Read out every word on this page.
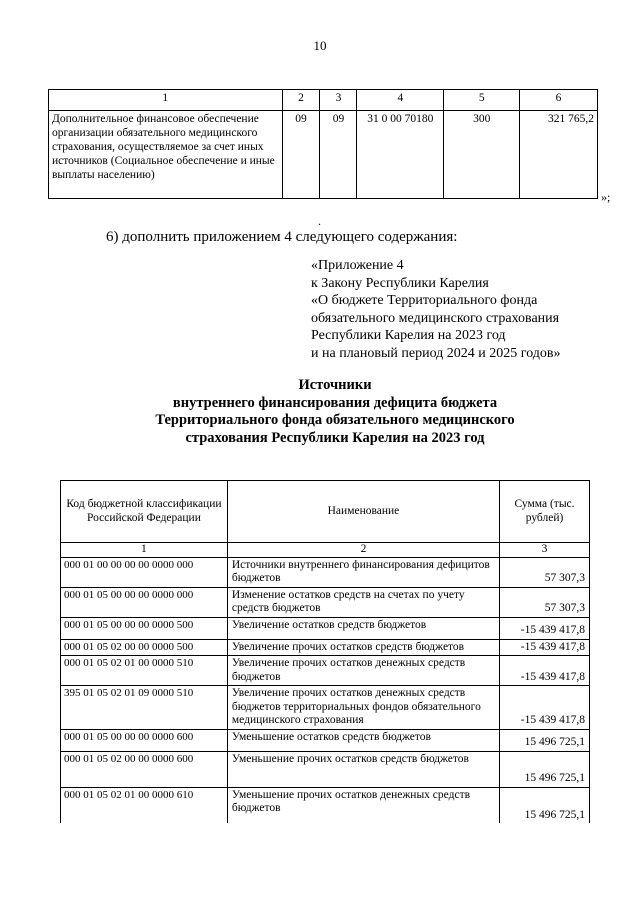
10
1	2	3	4	5	6
Дополнительное финансовое обеспечение организации обязательного медицинского страхования, осуществляемое за счет иных источников (Социальное обеспечение и иные выплаты населению)	09	09	31 0 00 70180	300	321 765,2
»;
.
6) дополнить приложением 4 следующего содержания:
«Приложение 4
к Закону Республики Карелия
«О бюджете Территориального фонда
обязательного медицинского страхования
Республики Карелия на 2023 год
и на плановый период 2024 и 2025 годов»
Источники
внутреннего финансирования дефицита бюджета
Территориального фонда обязательного медицинского
страхования Республики Карелия на 2023 год
Код бюджетной классификации Российской Федерации	Наименование	Сумма (тыс. рублей)
1	2	3
000 01 00 00 00 00 0000 000	Источники внутреннего финансирования дефицитов бюджетов	57 307,3
000 01 05 00 00 00 0000 000	Изменение остатков средств на счетах по учету средств бюджетов	57 307,3
000 01 05 00 00 00 0000 500	Увеличение остатков средств бюджетов	-15 439 417,8
000 01 05 02 00 00 0000 500	Увеличение прочих остатков средств бюджетов	-15 439 417,8
000 01 05 02 01 00 0000 510	Увеличение прочих остатков денежных средств бюджетов	-15 439 417,8
395 01 05 02 01 09 0000 510	Увеличение прочих остатков денежных средств бюджетов территориальных фондов обязательного медицинского страхования	-15 439 417,8
000 01 05 00 00 00 0000 600	Уменьшение остатков средств бюджетов	15 496 725,1
000 01 05 02 00 00 0000 600	Уменьшение прочих остатков средств бюджетов	15 496 725,1
000 01 05 02 01 00 0000 610	Уменьшение прочих остатков денежных средств бюджетов	15 496 725,1
